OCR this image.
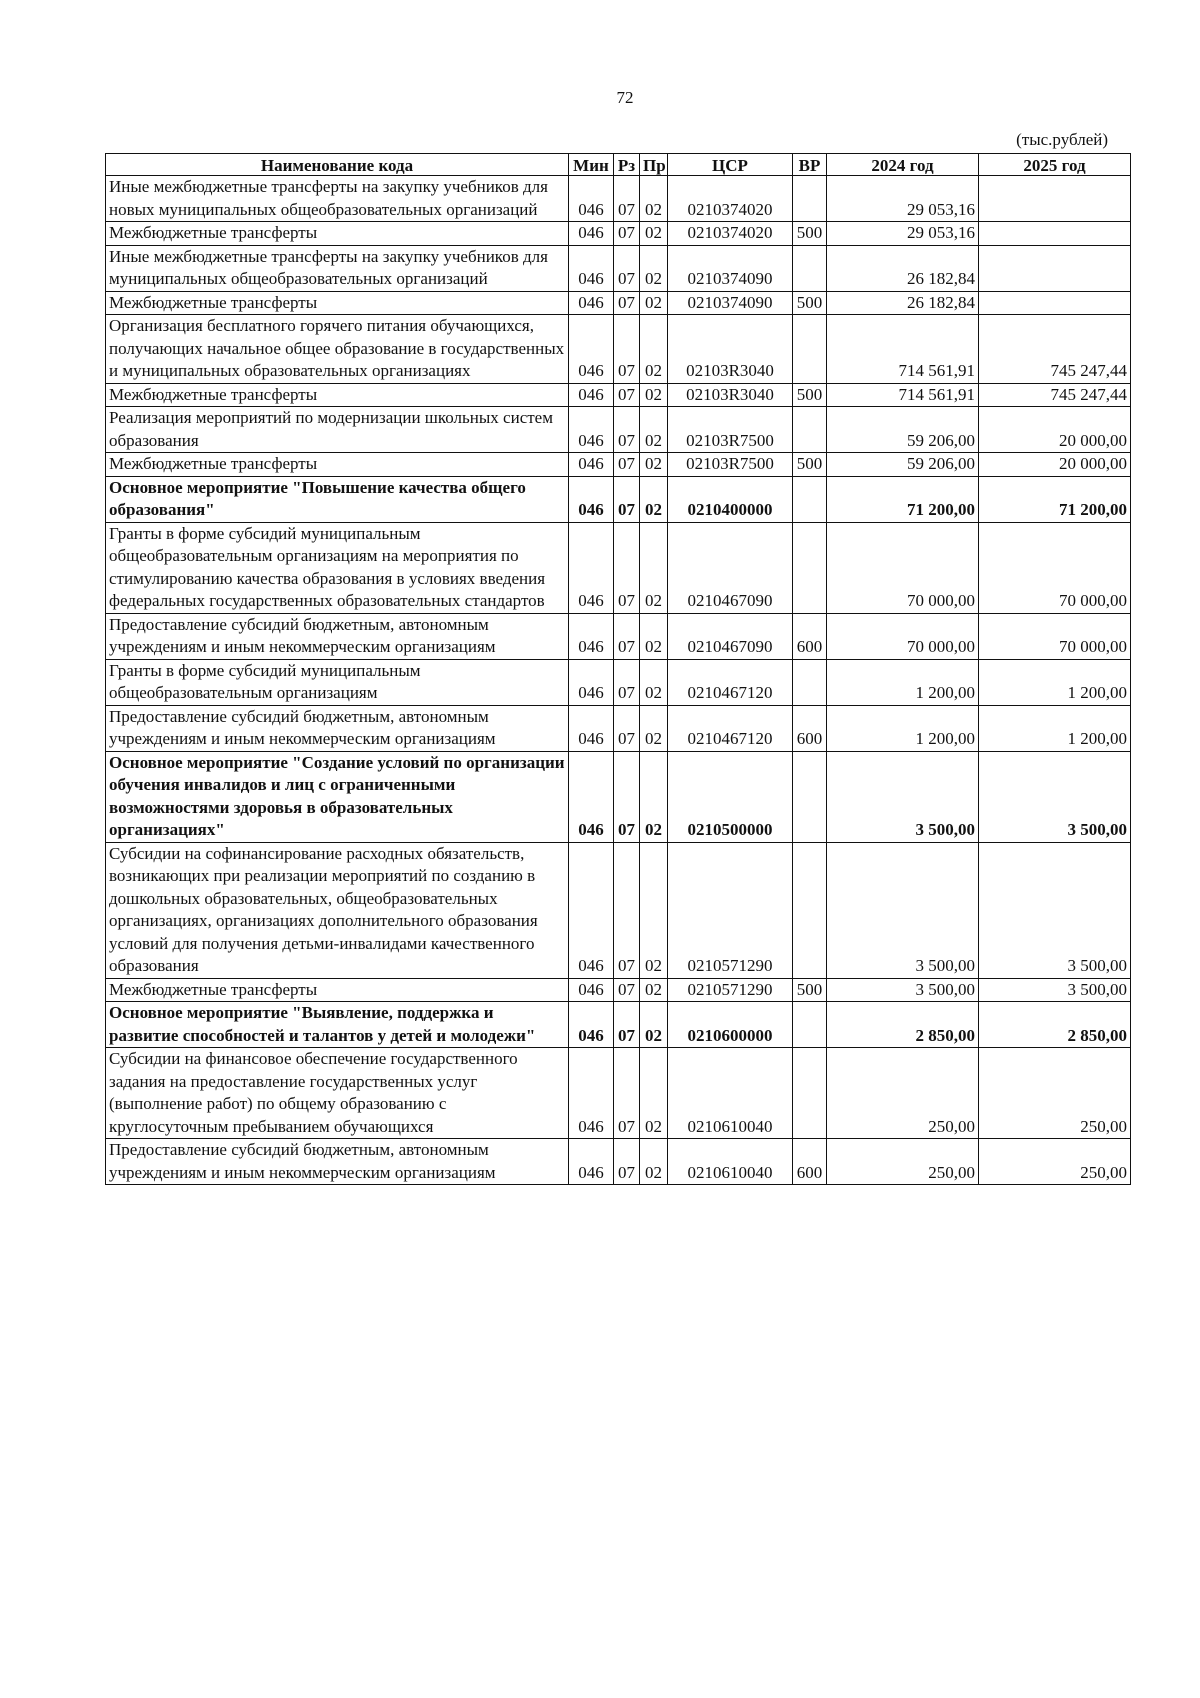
72
(тыс.рублей)
Наименование кода	Мин	Рз	Пр	ЦСР	ВР	2024 год	2025 год
Иные межбюджетные трансферты на закупку учебников для новых муниципальных общеобразовательных организаций	046	07	02	0210374020		29 053,16	
Межбюджетные трансферты	046	07	02	0210374020	500	29 053,16	
Иные межбюджетные трансферты на закупку учебников для муниципальных общеобразовательных организаций	046	07	02	0210374090		26 182,84	
Межбюджетные трансферты	046	07	02	0210374090	500	26 182,84	
Организация бесплатного горячего питания обучающихся, получающих начальное общее образование в государственных и муниципальных образовательных организациях	046	07	02	02103R3040		714 561,91	745 247,44
Межбюджетные трансферты	046	07	02	02103R3040	500	714 561,91	745 247,44
Реализация мероприятий по модернизации школьных систем образования	046	07	02	02103R7500		59 206,00	20 000,00
Межбюджетные трансферты	046	07	02	02103R7500	500	59 206,00	20 000,00
Основное мероприятие "Повышение качества общего образования"	046	07	02	0210400000		71 200,00	71 200,00
Гранты в форме субсидий муниципальным общеобразовательным организациям на мероприятия по стимулированию качества образования в условиях введения федеральных государственных образовательных стандартов	046	07	02	0210467090		70 000,00	70 000,00
Предоставление субсидий бюджетным, автономным учреждениям и иным некоммерческим организациям	046	07	02	0210467090	600	70 000,00	70 000,00
Гранты в форме субсидий муниципальным общеобразовательным организациям	046	07	02	0210467120		1 200,00	1 200,00
Предоставление субсидий бюджетным, автономным учреждениям и иным некоммерческим организациям	046	07	02	0210467120	600	1 200,00	1 200,00
Основное мероприятие "Создание условий по организации обучения инвалидов и лиц с ограниченными возможностями здоровья в образовательных организациях"	046	07	02	0210500000		3 500,00	3 500,00
Субсидии на софинансирование расходных обязательств, возникающих при реализации мероприятий по созданию в дошкольных образовательных, общеобразовательных организациях, организациях дополнительного образования условий для получения детьми-инвалидами качественного образования	046	07	02	0210571290		3 500,00	3 500,00
Межбюджетные трансферты	046	07	02	0210571290	500	3 500,00	3 500,00
Основное мероприятие "Выявление, поддержка и развитие способностей и талантов у детей и молодежи"	046	07	02	0210600000		2 850,00	2 850,00
Субсидии на финансовое обеспечение государственного задания на предоставление государственных услуг (выполнение работ) по общему образованию с круглосуточным пребыванием обучающихся	046	07	02	0210610040		250,00	250,00
Предоставление субсидий бюджетным, автономным учреждениям и иным некоммерческим организациям	046	07	02	0210610040	600	250,00	250,00
